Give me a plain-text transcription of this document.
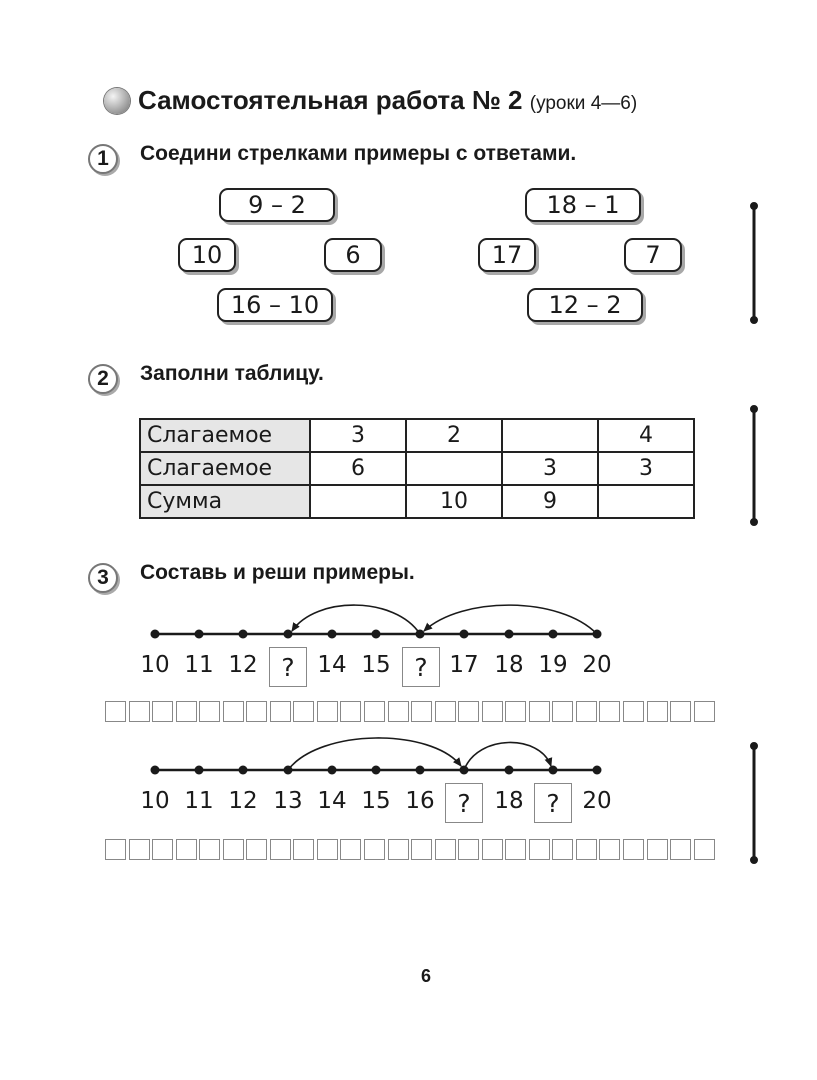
Самостоятельная работа № 2 (уроки 4—6)
1	Соедини стрелками примеры с ответами.
9 – 2
10	6
16 – 10
18 – 1
17	7
12 – 2
2	Заполни таблицу.
Слагаемое	3	2		4
Слагаемое	6		3	3
Сумма		10	9	
3	Составь и реши примеры.
10 11 12 ? 14 15 ? 17 18 19 20
10 11 12 13 14 15 16 ?	18 ? 20
6
